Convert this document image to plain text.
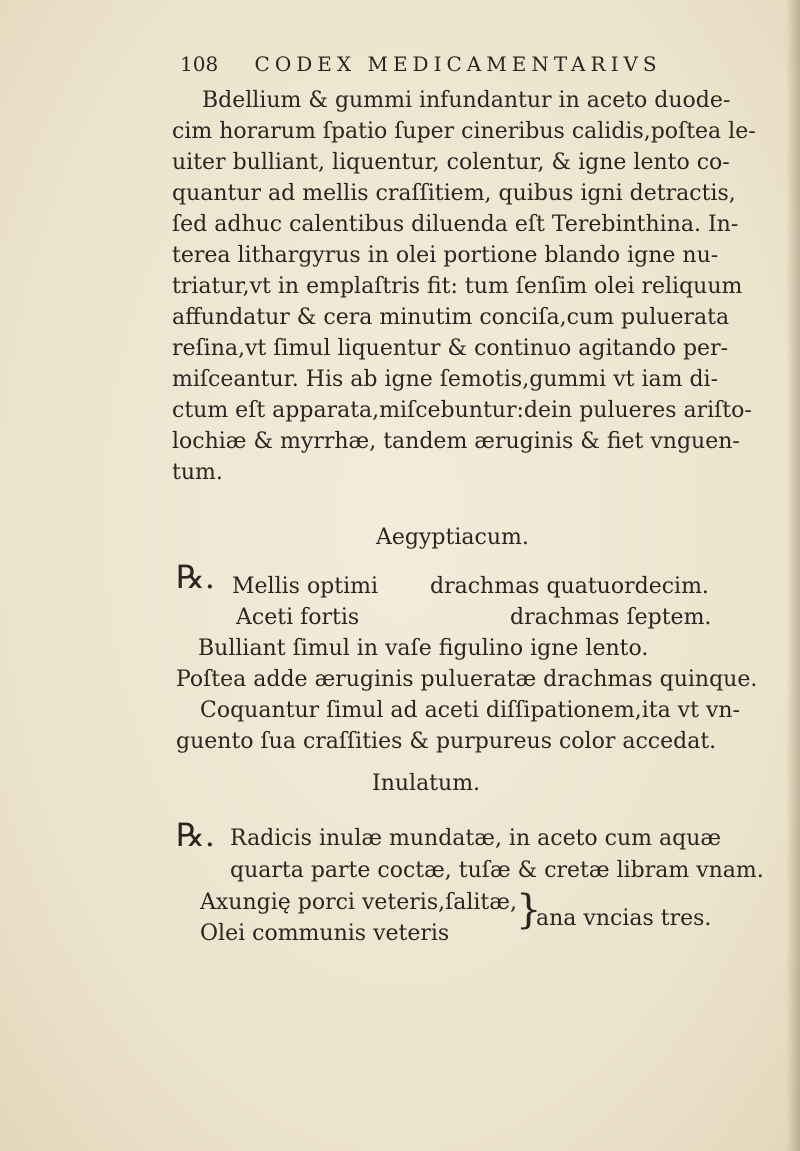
108 CODEX MEDICAMENTARIVS
Bdellium & gummi infundantur in aceto duode-
cim horarum ſpatio ſuper cineribus calidis,poſtea le-
uiter bulliant, liquentur, colentur, & igne lento co-
quantur ad mellis craſſitiem, quibus igni detractis,
ſed adhuc calentibus diluenda eſt Terebinthina. In-
terea lithargyrus in olei portione blando igne nu-
triatur,vt in emplaſtris fit: tum ſenſim olei reliquum
affundatur & cera minutim conciſa,cum puluerata
reſina,vt ſimul liquentur & continuo agitando per-
miſceantur. His ab igne ſemotis,gummi vt iam di-
ctum eſt apparata,miſcebuntur:dein pulueres ariſto-
lochiæ & myrrhæ, tandem æruginis & fiet vnguen-
tum.
Aegyptiacum.
℞. Mellis optimi drachmas quatuordecim.
Aceti fortis	drachmas ſeptem.
Bulliant ſimul in vaſe figulino igne lento.
Poſtea adde æruginis pulueratæ drachmas quinque.
Coquantur ſimul ad aceti diſſipationem,ita vt vn-
guento ſua craſſities & purpureus color accedat.
Inulatum.
℞. Radicis inulæ mundatæ, in aceto cum aquæ
quarta parte coctæ, tuſæ & cretæ libram vnam.
Axungię porci veteris,ſalitæ,
Olei communis veteris
}
ana vncias tres.
